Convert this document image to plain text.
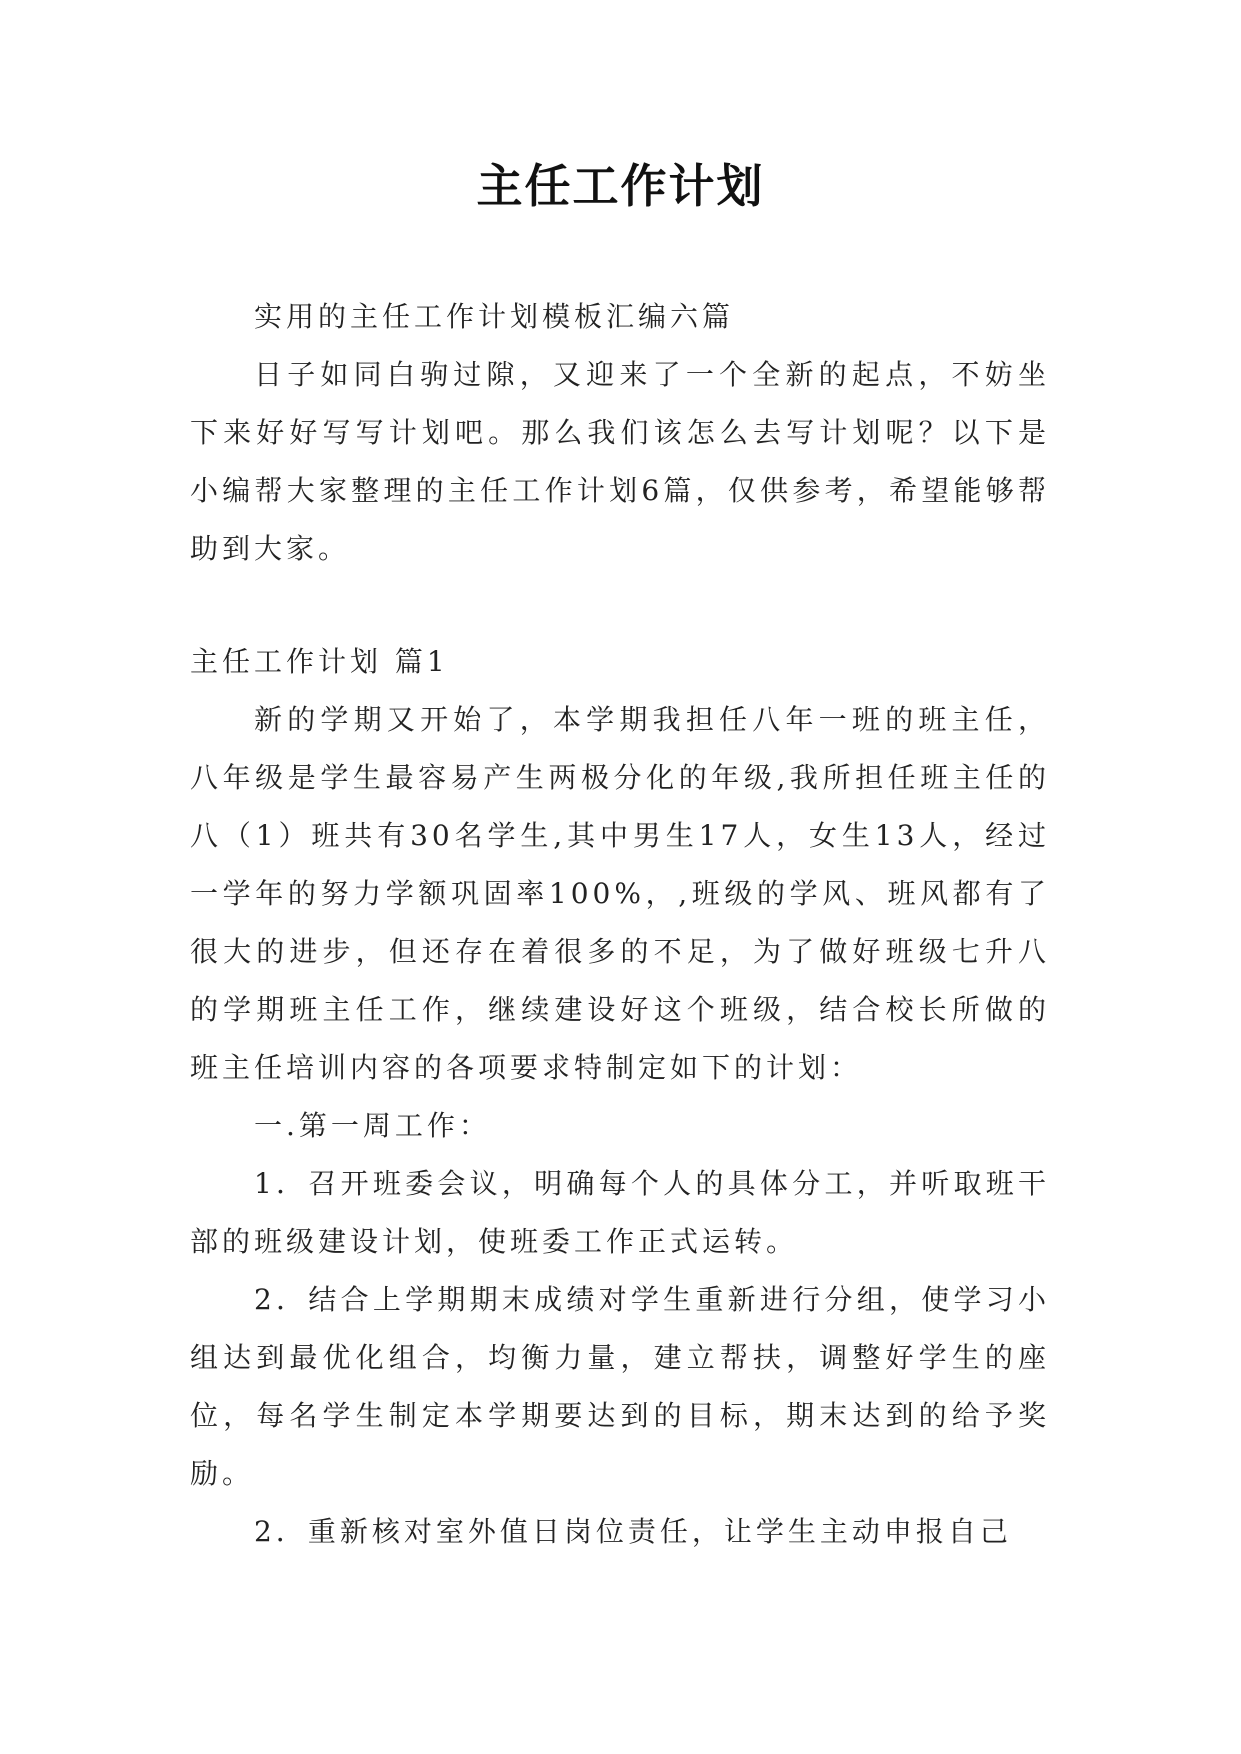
主任工作计划

实用的主任工作计划模板汇编六篇

日子如同白驹过隙，又迎来了一个全新的起点，不妨坐下来好好写写计划吧。那么我们该怎么去写计划呢？以下是小编帮大家整理的主任工作计划6篇，仅供参考，希望能够帮助到大家。

主任工作计划 篇1

新的学期又开始了，本学期我担任八年一班的班主任，八年级是学生最容易产生两极分化的年级,我所担任班主任的八（1）班共有30名学生,其中男生17人，女生13人，经过一学年的努力学额巩固率100%，,班级的学风、班风都有了很大的进步，但还存在着很多的不足，为了做好班级七升八的学期班主任工作，继续建设好这个班级，结合校长所做的班主任培训内容的各项要求特制定如下的计划：

一.第一周工作：

1．召开班委会议，明确每个人的具体分工，并听取班干部的班级建设计划，使班委工作正式运转。

2．结合上学期期末成绩对学生重新进行分组，使学习小组达到最优化组合，均衡力量，建立帮扶，调整好学生的座位，每名学生制定本学期要达到的目标，期末达到的给予奖励。

2．重新核对室外值日岗位责任，让学生主动申报自己
